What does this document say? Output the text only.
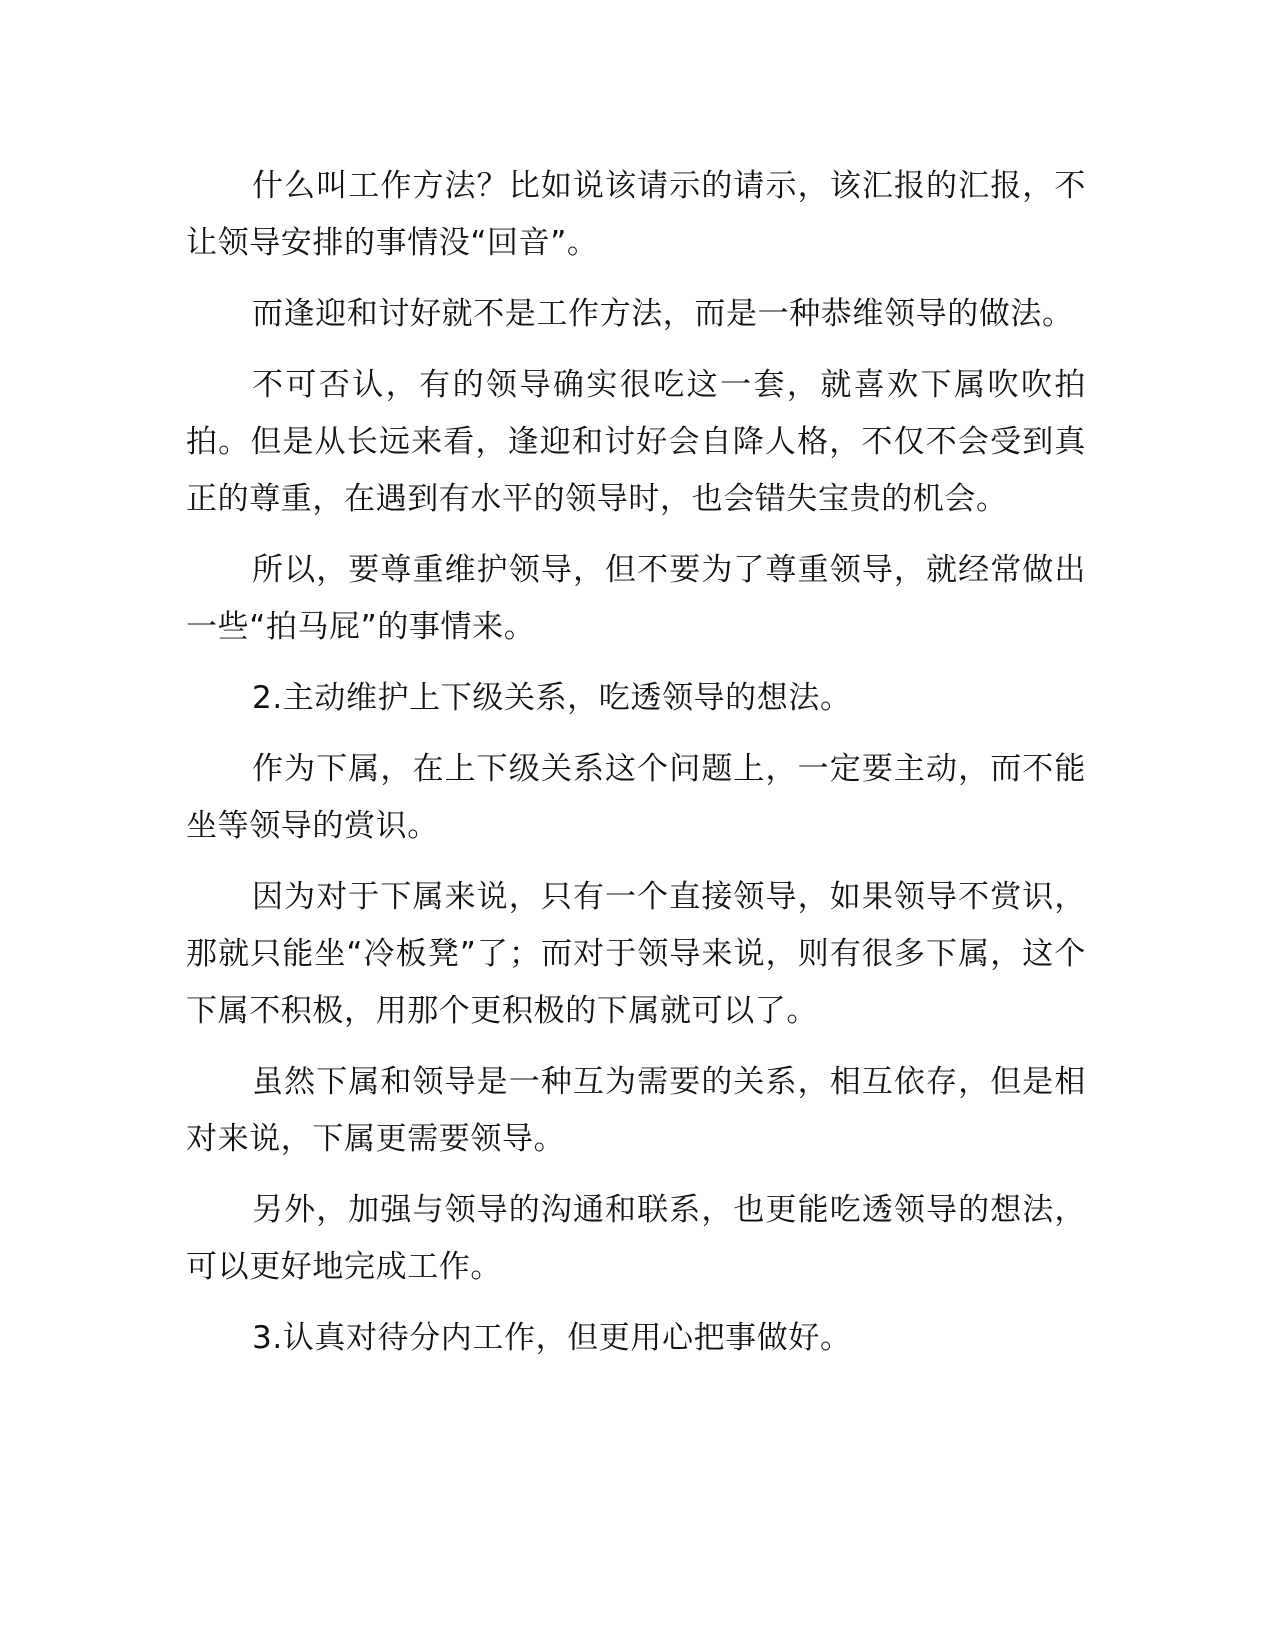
什么叫工作方法？比如说该请示的请示，该汇报的汇报，不让领导安排的事情没“回音”。

而逢迎和讨好就不是工作方法，而是一种恭维领导的做法。

不可否认，有的领导确实很吃这一套，就喜欢下属吹吹拍拍。但是从长远来看，逢迎和讨好会自降人格，不仅不会受到真正的尊重，在遇到有水平的领导时，也会错失宝贵的机会。

所以，要尊重维护领导，但不要为了尊重领导，就经常做出一些“拍马屁”的事情来。

2.主动维护上下级关系，吃透领导的想法。

作为下属，在上下级关系这个问题上，一定要主动，而不能坐等领导的赏识。

因为对于下属来说，只有一个直接领导，如果领导不赏识，那就只能坐“冷板凳”了；而对于领导来说，则有很多下属，这个下属不积极，用那个更积极的下属就可以了。

虽然下属和领导是一种互为需要的关系，相互依存，但是相对来说，下属更需要领导。

另外，加强与领导的沟通和联系，也更能吃透领导的想法，可以更好地完成工作。

3.认真对待分内工作，但更用心把事做好。
